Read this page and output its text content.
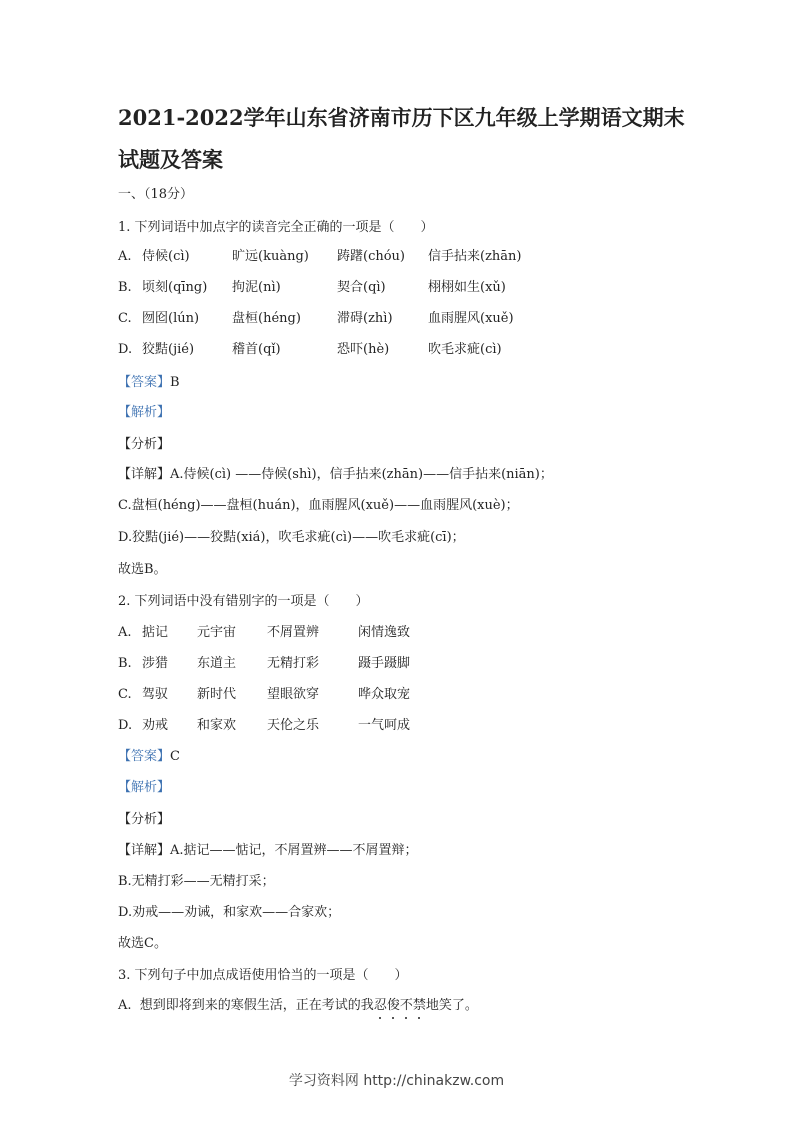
2021-2022学年山东省济南市历下区九年级上学期语文期末
试题及答案
一、（18分）
1. 下列词语中加点字的读音完全正确的一项是（　　）
A. 侍候(cì)	旷远(kuàng) 踌躇(chóu) 信手拈来(zhān)
B. 顷刻(qīng) 拘泥(nì)	契合(qì)	栩栩如生(xǔ)
C. 囫囵(lún)	盘桓(héng)	滞碍(zhì)	血雨腥风(xuě)
D. 狡黠(jié)	稽首(qǐ)	恐吓(hè)	吹毛求疵(cì)
【答案】B
【解析】
【分析】
【详解】A.侍候(cì) ——侍候(shì)，信手拈来(zhān)——信手拈来(niān)；
C.盘桓(héng)——盘桓(huán)，血雨腥风(xuě)——血雨腥风(xuè)；
D.狡黠(jié)——狡黠(xiá)，吹毛求疵(cì)——吹毛求疵(cī)；
故选B。
2. 下列词语中没有错别字的一项是（　　）
A. 掂记 元宇宙 不屑置辨	闲情逸致
B. 涉猎 东道主 无精打彩	蹑手蹑脚
C. 驾驭 新时代 望眼欲穿	哗众取宠
D. 劝戒 和家欢 天伦之乐	一气呵成
【答案】C
【解析】
【分析】
【详解】A.掂记——惦记，不屑置辨——不屑置辩；
B.无精打彩——无精打采；
D.劝戒——劝诫，和家欢——合家欢；
故选C。
3. 下列句子中加点成语使用恰当的一项是（　　）
A. 想到即将到来的寒假生活，正在考试的我忍俊不禁地笑了。
学习资料网 http://chinakzw.com
